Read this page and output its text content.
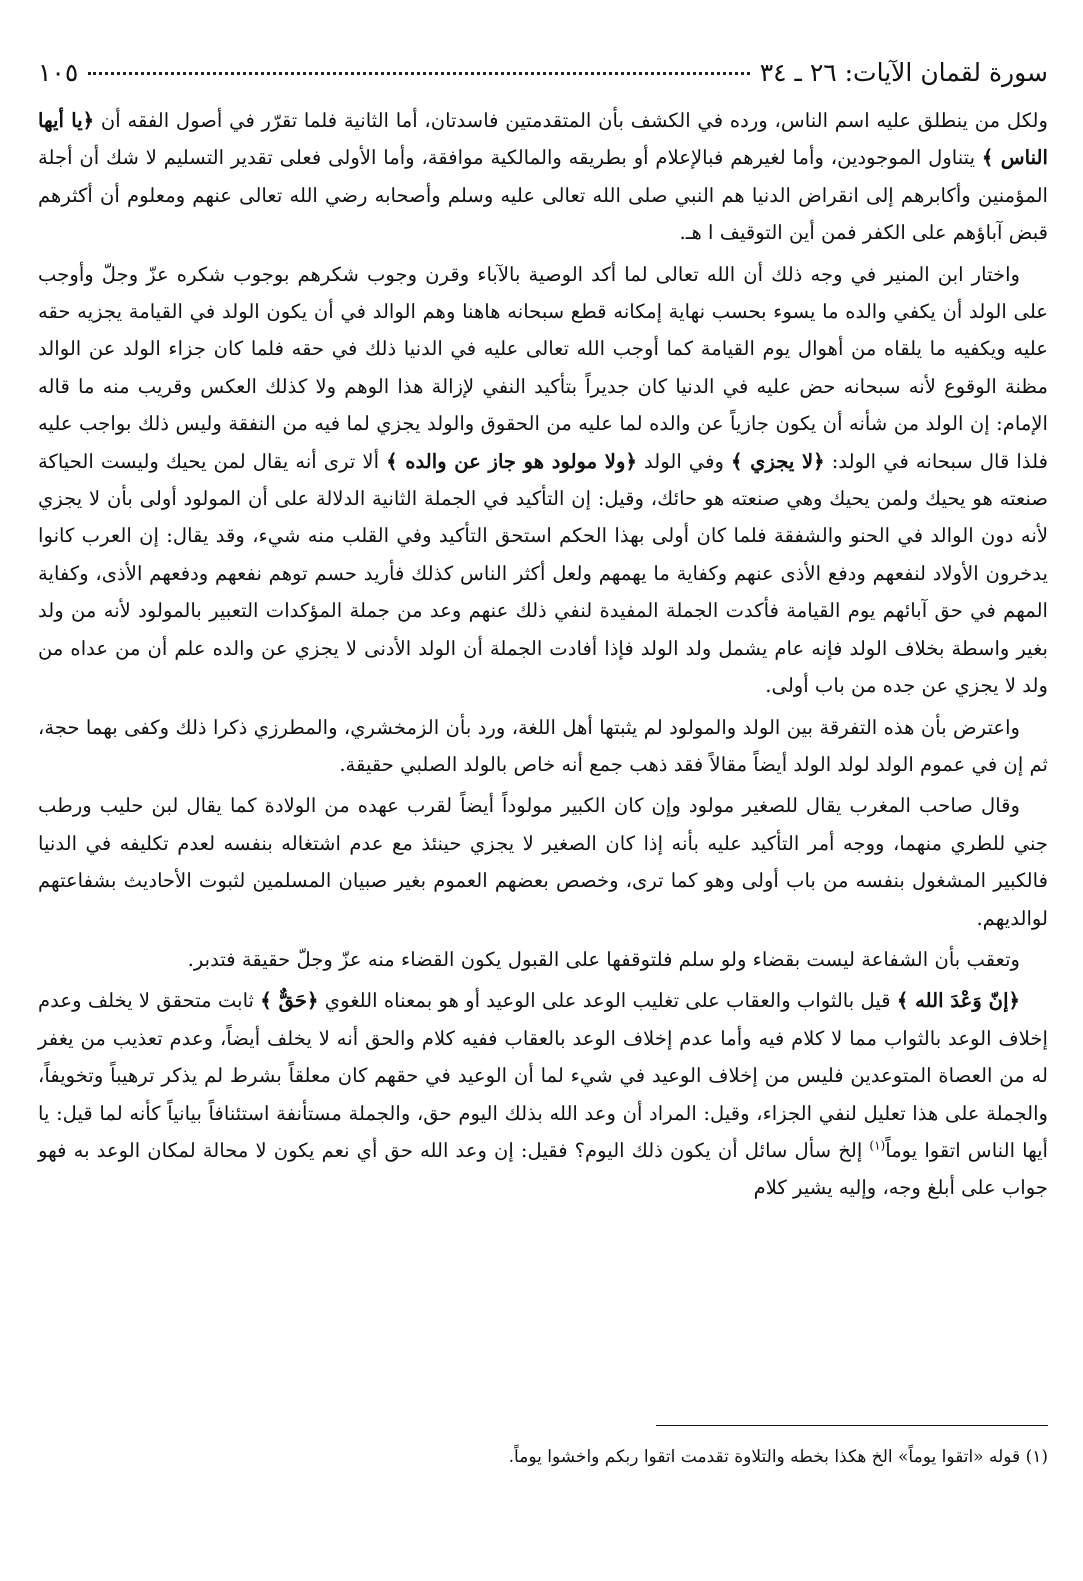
سورة لقمان الآيات: ٢٦ ـ ٣٤
١٠٥

ولكل من ينطلق عليه اسم الناس، ورده في الكشف بأن المتقدمتين فاسدتان، أما الثانية فلما تقرّر في أصول الفقه أن ﴿يا أيها الناس ﴾ يتناول الموجودين، وأما لغيرهم فبالإعلام أو بطريقه والمالكية موافقة، وأما الأولى فعلى تقدير التسليم لا شك أن أجلة المؤمنين وأكابرهم إلى انقراض الدنيا هم النبي صلى الله تعالى عليه وسلم وأصحابه رضي الله تعالى عنهم ومعلوم أن أكثرهم قبض آباؤهم على الكفر فمن أين التوقيف ا هـ.

واختار ابن المنير في وجه ذلك أن الله تعالى لما أكد الوصية بالآباء وقرن وجوب شكرهم بوجوب شكره عزّ وجلّ وأوجب على الولد أن يكفي والده ما يسوء بحسب نهاية إمكانه قطع سبحانه هاهنا وهم الوالد في أن يكون الولد في القيامة يجزيه حقه عليه ويكفيه ما يلقاه من أهوال يوم القيامة كما أوجب الله تعالى عليه في الدنيا ذلك في حقه فلما كان جزاء الولد عن الوالد مظنة الوقوع لأنه سبحانه حض عليه في الدنيا كان جديراً بتأكيد النفي لإزالة هذا الوهم ولا كذلك العكس وقريب منه ما قاله الإمام: إن الولد من شأنه أن يكون جازياً عن والده لما عليه من الحقوق والولد يجزي لما فيه من النفقة وليس ذلك بواجب عليه فلذا قال سبحانه في الولد: ﴿لا يجزي ﴾ وفي الولد ﴿ولا مولود هو جاز عن والده ﴾ ألا ترى أنه يقال لمن يحيك وليست الحياكة صنعته هو يحيك ولمن يحيك وهي صنعته هو حائك، وقيل: إن التأكيد في الجملة الثانية الدلالة على أن المولود أولى بأن لا يجزي لأنه دون الوالد في الحنو والشفقة فلما كان أولى بهذا الحكم استحق التأكيد وفي القلب منه شيء، وقد يقال: إن العرب كانوا يدخرون الأولاد لنفعهم ودفع الأذى عنهم وكفاية ما يهمهم ولعل أكثر الناس كذلك فأريد حسم توهم نفعهم ودفعهم الأذى، وكفاية المهم في حق آبائهم يوم القيامة فأكدت الجملة المفيدة لنفي ذلك عنهم وعد من جملة المؤكدات التعبير بالمولود لأنه من ولد بغير واسطة بخلاف الولد فإنه عام يشمل ولد الولد فإذا أفادت الجملة أن الولد الأدنى لا يجزي عن والده علم أن من عداه من ولد لا يجزي عن جده من باب أولى.

واعترض بأن هذه التفرقة بين الولد والمولود لم يثبتها أهل اللغة، ورد بأن الزمخشري، والمطرزي ذكرا ذلك وكفى بهما حجة، ثم إن في عموم الولد لولد الولد أيضاً مقالاً فقد ذهب جمع أنه خاص بالولد الصلبي حقيقة.

وقال صاحب المغرب يقال للصغير مولود وإن كان الكبير مولوداً أيضاً لقرب عهده من الولادة كما يقال لبن حليب ورطب جني للطري منهما، ووجه أمر التأكيد عليه بأنه إذا كان الصغير لا يجزي حينئذ مع عدم اشتغاله بنفسه لعدم تكليفه في الدنيا فالكبير المشغول بنفسه من باب أولى وهو كما ترى، وخصص بعضهم العموم بغير صبيان المسلمين لثبوت الأحاديث بشفاعتهم لوالديهم.

وتعقب بأن الشفاعة ليست بقضاء ولو سلم فلتوقفها على القبول يكون القضاء منه عزّ وجلّ حقيقة فتدبر.

﴿إنّ وَعْدَ الله ﴾ قيل بالثواب والعقاب على تغليب الوعد على الوعيد أو هو بمعناه اللغوي ﴿حَقٌّ ﴾ ثابت متحقق لا يخلف وعدم إخلاف الوعد بالثواب مما لا كلام فيه وأما عدم إخلاف الوعد بالعقاب ففيه كلام والحق أنه لا يخلف أيضاً، وعدم تعذيب من يغفر له من العصاة المتوعدين فليس من إخلاف الوعيد في شيء لما أن الوعيد في حقهم كان معلقاً بشرط لم يذكر ترهيباً وتخويفاً، والجملة على هذا تعليل لنفي الجزاء، وقيل: المراد أن وعد الله بذلك اليوم حق، والجملة مستأنفة استئنافاً بيانياً كأنه لما قيل: يا أيها الناس اتقوا يوماً$^{(١)}$ إلخ سأل سائل أن يكون ذلك اليوم؟ فقيل: إن وعد الله حق أي نعم يكون لا محالة لمكان الوعد به فهو جواب على أبلغ وجه، وإليه يشير كلام

(١) قوله «اتقوا يوماً» الخ هكذا بخطه والتلاوة تقدمت اتقوا ربكم واخشوا يوماً.
